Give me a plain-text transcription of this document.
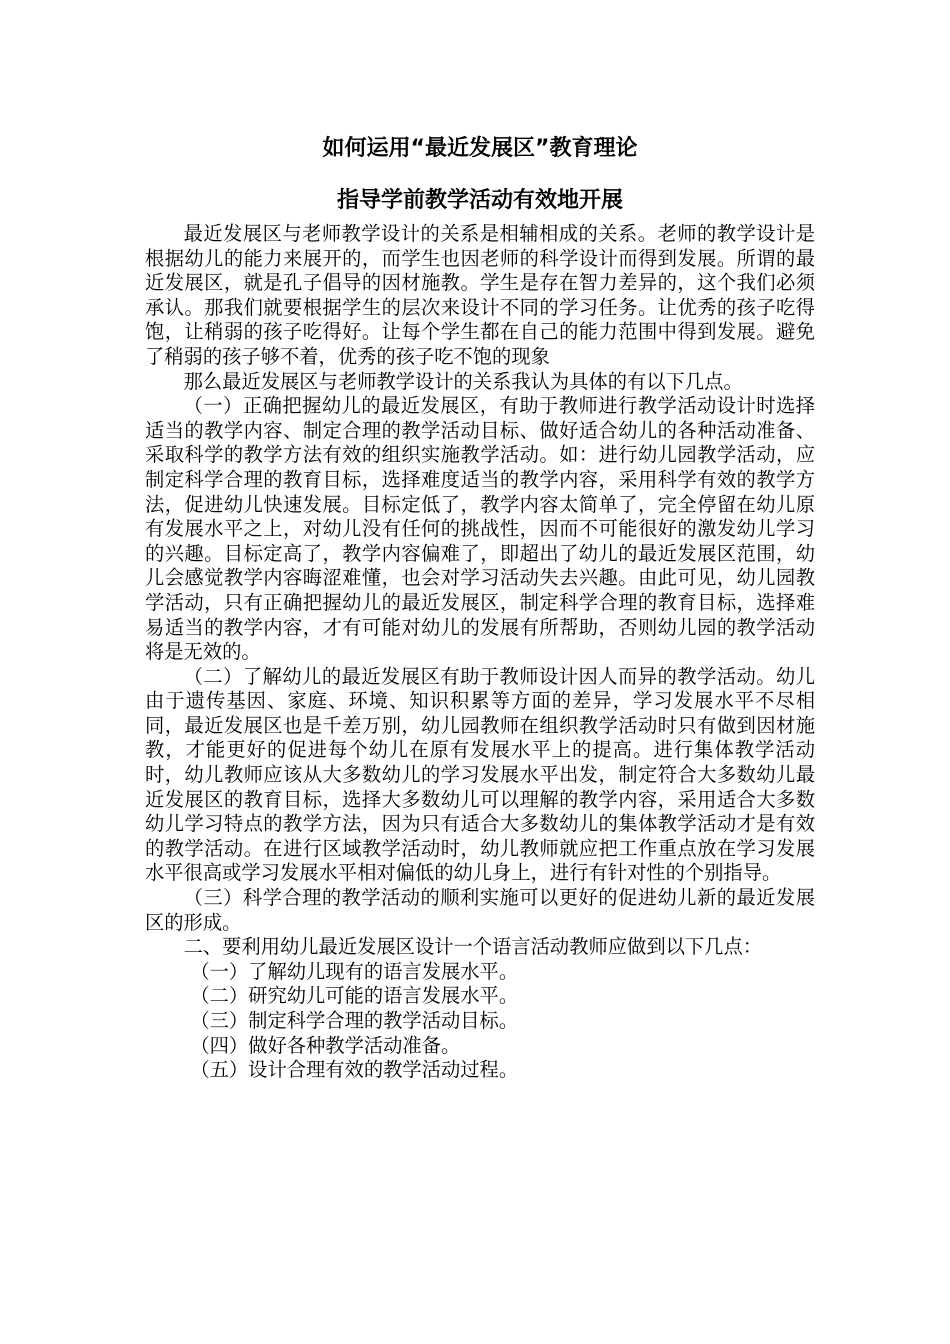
如何运用“最近发展区”教育理论
指导学前教学活动有效地开展

最近发展区与老师教学设计的关系是相辅相成的关系。老师的教学设计是根据幼儿的能力来展开的，而学生也因老师的科学设计而得到发展。所谓的最近发展区，就是孔子倡导的因材施教。学生是存在智力差异的，这个我们必须承认。那我们就要根据学生的层次来设计不同的学习任务。让优秀的孩子吃得饱，让稍弱的孩子吃得好。让每个学生都在自己的能力范围中得到发展。避免了稍弱的孩子够不着，优秀的孩子吃不饱的现象

那么最近发展区与老师教学设计的关系我认为具体的有以下几点。

（一）正确把握幼儿的最近发展区，有助于教师进行教学活动设计时选择适当的教学内容、制定合理的教学活动目标、做好适合幼儿的各种活动准备、采取科学的教学方法有效的组织实施教学活动。如：进行幼儿园教学活动，应制定科学合理的教育目标，选择难度适当的教学内容，采用科学有效的教学方法，促进幼儿快速发展。目标定低了，教学内容太简单了，完全停留在幼儿原有发展水平之上，对幼儿没有任何的挑战性，因而不可能很好的激发幼儿学习的兴趣。目标定高了，教学内容偏难了，即超出了幼儿的最近发展区范围，幼儿会感觉教学内容晦涩难懂，也会对学习活动失去兴趣。由此可见，幼儿园教学活动，只有正确把握幼儿的最近发展区，制定科学合理的教育目标，选择难易适当的教学内容，才有可能对幼儿的发展有所帮助，否则幼儿园的教学活动将是无效的。

（二）了解幼儿的最近发展区有助于教师设计因人而异的教学活动。幼儿由于遗传基因、家庭、环境、知识积累等方面的差异，学习发展水平不尽相同，最近发展区也是千差万别，幼儿园教师在组织教学活动时只有做到因材施教，才能更好的促进每个幼儿在原有发展水平上的提高。进行集体教学活动时，幼儿教师应该从大多数幼儿的学习发展水平出发，制定符合大多数幼儿最近发展区的教育目标，选择大多数幼儿可以理解的教学内容，采用适合大多数幼儿学习特点的教学方法，因为只有适合大多数幼儿的集体教学活动才是有效的教学活动。在进行区域教学活动时，幼儿教师就应把工作重点放在学习发展水平很高或学习发展水平相对偏低的幼儿身上，进行有针对性的个别指导。

（三）科学合理的教学活动的顺利实施可以更好的促进幼儿新的最近发展区的形成。

二、要利用幼儿最近发展区设计一个语言活动教师应做到以下几点：

（一）了解幼儿现有的语言发展水平。

（二）研究幼儿可能的语言发展水平。

（三）制定科学合理的教学活动目标。

（四）做好各种教学活动准备。

（五）设计合理有效的教学活动过程。
